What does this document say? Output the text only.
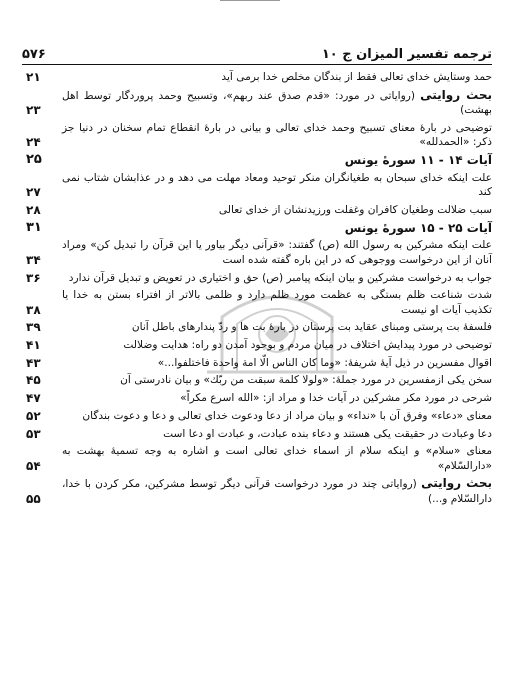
ترجمه تفسیر المیزان ج ۱۰
۵۷۶
حمد وستایش خدای تعالی فقط از بندگان مخلص خدا برمی آید
۲۱
بحث روایتی (روایاتی در مورد: «قدم صدق عند ربهم»، وتسبیح وحمد پروردگار توسط اهل بهشت)
۲۳
توضیحی در بارهٔ معنای تسبیح وحمد خدای تعالی و بیانی در بارهٔ انقطاع تمام سخنان در دنیا جز ذکر: «الحمدلله»
۲۴
آیات ۱۴ - ۱۱ سورهٔ یونس
۲۵
علت اینکه خدای سبحان به طغیانگران منکر توحید ومعاد مهلت می دهد و در عذابشان شتاب نمی کند
۲۷
سبب ضلالت وطغیان کافران وغفلت ورزیدنشان از خدای تعالی
۲۸
آیات ۲۵ - ۱۵ سورهٔ یونس
۳۱
علت اینکه مشرکین به رسول الله (ص) گفتند: «قرآنی دیگر بیاور یا این قرآن را تبدیل کن» ومراد آنان از این درخواست ووجوهی که در این باره گفته شده است
۳۴
جواب به درخواست مشرکین و بیان اینکه پیامبر (ص) حق و اختیاری در تعویض و تبدیل قرآن ندارد
۳۶
شدت شناعت ظلم بستگی به عظمت مورد ظلم دارد و ظلمی بالاتر از افتراء بستن به خدا یا تکذیب آیات او نیست
۳۸
فلسفهٔ بت پرستی ومبنای عقاید بت پرستان در بارهٔ بت ها و ردّ پندارهای باطل آنان
۳۹
توضیحی در مورد پیدایش اختلاف در میان مردم و بوجود آمدن دو راه: هدایت وضلالت
۴۱
اقوال مفسرین در ذیل آیهٔ شریفهٔ: «وما کان الناس الّا امة واحدة فاختلفوا...»
۴۳
سخن یکی ازمفسرین در مورد جملهٔ: «ولولا کلمة سبقت من ربّك» و بیان نادرستی آن
۴۵
شرحی در مورد مکر مشرکین در آیات خدا و مراد از: «الله اسرع مکراً»
۴۷
معنای «دعاء» وفرق آن با «نداء» و بیان مراد از دعا ودعوت خدای تعالی و دعا و دعوت بندگان
۵۲
دعا وعبادت در حقیقت یکی هستند و دعاء بنده عبادت، و عبادت او دعا است
۵۳
معنای «سلام» و اینکه سلام از اسماء خدای تعالی است و اشاره به وجه تسمیهٔ بهشت به «دارالسّلام»
۵۴
بحث روایتی (روایاتی چند در مورد درخواست قرآنی دیگر توسط مشرکین، مکر کردن با خدا، دارالسّلام و...)
۵۵
